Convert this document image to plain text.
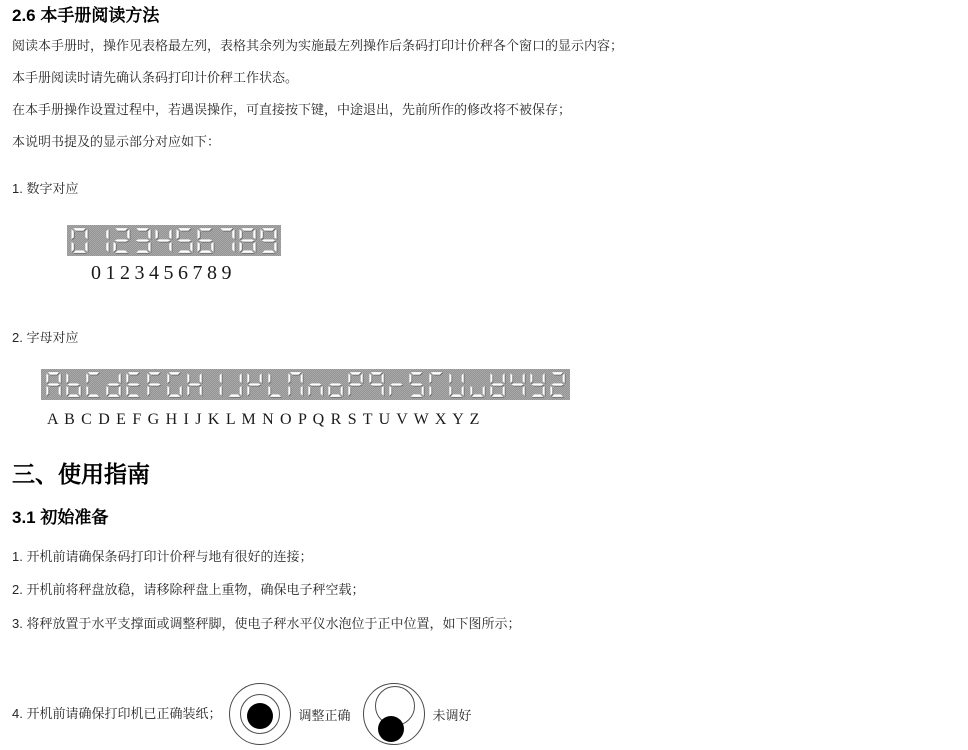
2.6 本手册阅读方法

阅读本手册时，操作见表格最左列，表格其余列为实施最左列操作后条码打印计价秤各个窗口的显示内容；

本手册阅读时请先确认条码打印计价秤工作状态。

在本手册操作设置过程中，若遇误操作，可直接按下键，中途退出，先前所作的修改将不被保存；

本说明书提及的显示部分对应如下：

1. 数字对应

0123456789

2. 字母对应

A B C D E F G H I J K L M N O P Q R S T U V W X Y Z
三、使用指南
3.1 初始准备

1. 开机前请确保条码打印计价秤与地有很好的连接；

2. 开机前将秤盘放稳，请移除秤盘上重物，确保电子秤空载；

3. 将秤放置于水平支撑面或调整秤脚，使电子秤水平仪水泡位于正中位置，如下图所示；

4. 开机前请确保打印机已正确装纸；	调整正确	未调好
